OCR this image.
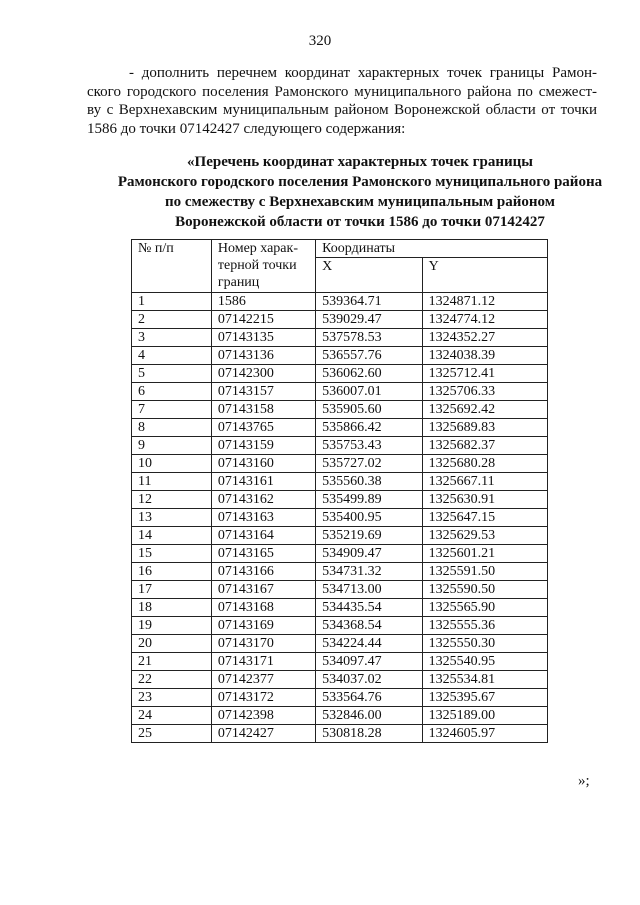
320
- дополнить перечнем координат характерных точек границы Рамон-
ского городского поселения Рамонского муниципального района по смежест-
ву с Верхнехавским муниципальным районом Воронежской области от точки
1586 до точки 07142427 следующего содержания:
«Перечень координат характерных точек границы
Рамонского городского поселения Рамонского муниципального района
по смежеству с Верхнехавским муниципальным районом
Воронежской области от точки 1586 до точки 07142427
№ п/п	Номер харак-
терной точки
границ	Координаты	
		X	Y
1	1586	539364.71	1324871.12
2	07142215	539029.47	1324774.12
3	07143135	537578.53	1324352.27
4	07143136	536557.76	1324038.39
5	07142300	536062.60	1325712.41
6	07143157	536007.01	1325706.33
7	07143158	535905.60	1325692.42
8	07143765	535866.42	1325689.83
9	07143159	535753.43	1325682.37
10	07143160	535727.02	1325680.28
11	07143161	535560.38	1325667.11
12	07143162	535499.89	1325630.91
13	07143163	535400.95	1325647.15
14	07143164	535219.69	1325629.53
15	07143165	534909.47	1325601.21
16	07143166	534731.32	1325591.50
17	07143167	534713.00	1325590.50
18	07143168	534435.54	1325565.90
19	07143169	534368.54	1325555.36
20	07143170	534224.44	1325550.30
21	07143171	534097.47	1325540.95
22	07142377	534037.02	1325534.81
23	07143172	533564.76	1325395.67
24	07142398	532846.00	1325189.00
25	07142427	530818.28	1324605.97
»;
